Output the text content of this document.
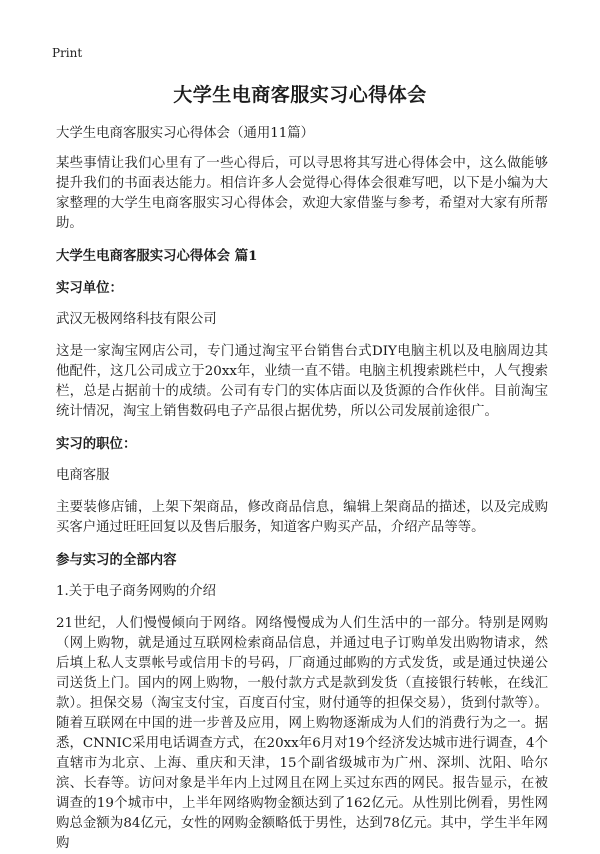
Print
大学生电商客服实习心得体会

大学生电商客服实习心得体会（通用11篇）

某些事情让我们心里有了一些心得后，可以寻思将其写进心得体会中，这么做能够提升我们的书面表达能力。相信许多人会觉得心得体会很难写吧，以下是小编为大家整理的大学生电商客服实习心得体会，欢迎大家借鉴与参考，希望对大家有所帮助。

大学生电商客服实习心得体会 篇1

实习单位：

武汉无极网络科技有限公司

这是一家淘宝网店公司，专门通过淘宝平台销售台式DIY电脑主机以及电脑周边其他配件，这几公司成立于20xx年，业绩一直不错。电脑主机搜索跳栏中，人气搜索栏，总是占据前十的成绩。公司有专门的实体店面以及货源的合作伙伴。目前淘宝统计情况，淘宝上销售数码电子产品很占据优势，所以公司发展前途很广。

实习的职位：

电商客服

主要装修店铺，上架下架商品，修改商品信息，编辑上架商品的描述，以及完成购买客户通过旺旺回复以及售后服务，知道客户购买产品，介绍产品等等。

参与实习的全部内容

1.关于电子商务网购的介绍

21世纪，人们慢慢倾向于网络。网络慢慢成为人们生活中的一部分。特别是网购（网上购物，就是通过互联网检索商品信息，并通过电子订购单发出购物请求，然后填上私人支票帐号或信用卡的号码，厂商通过邮购的方式发货，或是通过快递公司送货上门。国内的网上购物，一般付款方式是款到发货（直接银行转帐，在线汇款）。担保交易（淘宝支付宝，百度百付宝，财付通等的担保交易），货到付款等）。随着互联网在中国的进一步普及应用，网上购物逐渐成为人们的消费行为之一。据悉，CNNIC采用电话调查方式，在20xx年6月对19个经济发达城市进行调查，4个直辖市为北京、上海、重庆和天津，15个副省级城市为广州、深圳、沈阳、哈尔滨、长春等。访问对象是半年内上过网且在网上买过东西的网民。报告显示，在被调查的19个城市中，上半年网络购物金额达到了162亿元。从性别比例看，男性网购总金额为84亿元，女性的网购金额略低于男性，达到78亿元。其中，学生半年网购
